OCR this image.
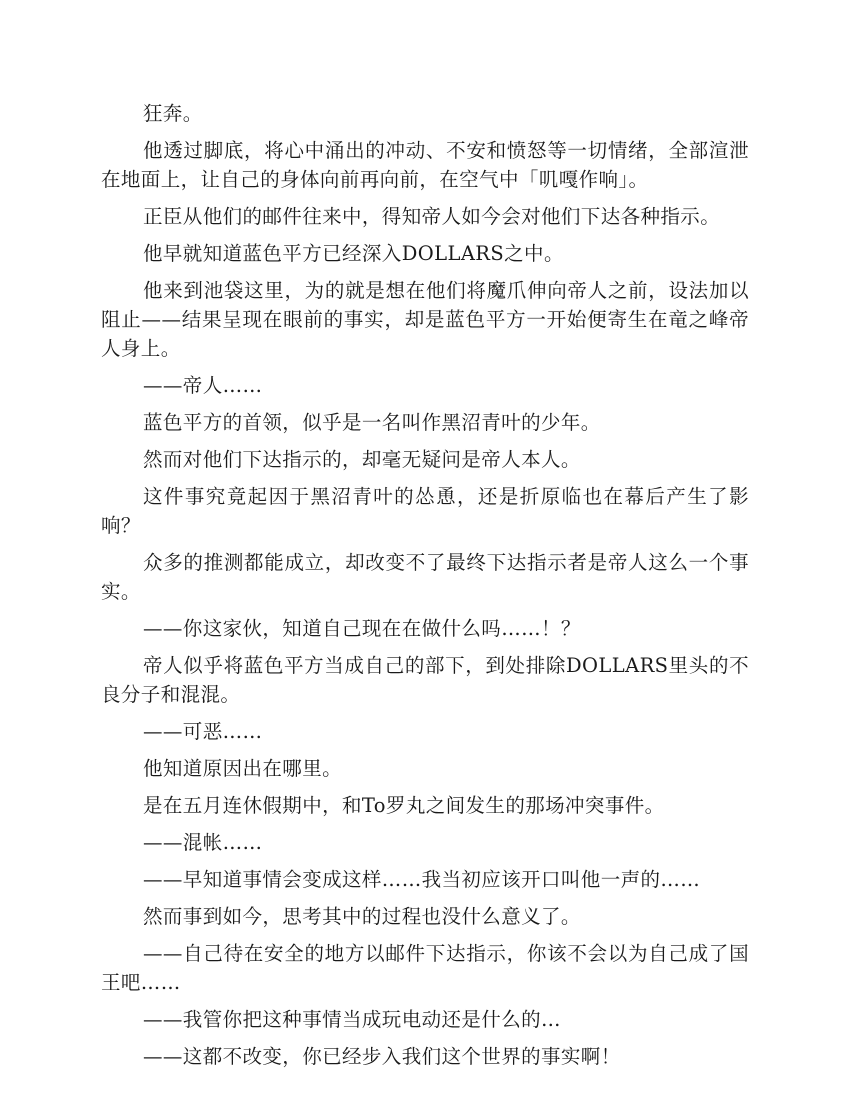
狂奔。

他透过脚底，将心中涌出的冲动、不安和愤怒等一切情绪，全部渲泄在地面上，让自己的身体向前再向前，在空气中「叽嘎作响」。

正臣从他们的邮件往来中，得知帝人如今会对他们下达各种指示。

他早就知道蓝色平方已经深入DOLLARS之中。

他来到池袋这里，为的就是想在他们将魔爪伸向帝人之前，设法加以阻止——结果呈现在眼前的事实，却是蓝色平方一开始便寄生在竜之峰帝人身上。

——帝人……

蓝色平方的首领，似乎是一名叫作黑沼青叶的少年。

然而对他们下达指示的，却毫无疑问是帝人本人。

这件事究竟起因于黑沼青叶的怂恿，还是折原临也在幕后产生了影响？

众多的推测都能成立，却改变不了最终下达指示者是帝人这么一个事实。

——你这家伙，知道自己现在在做什么吗……！？

帝人似乎将蓝色平方当成自己的部下，到处排除DOLLARS里头的不良分子和混混。

——可恶……

他知道原因出在哪里。

是在五月连休假期中，和To罗丸之间发生的那场冲突事件。

——混帐……

——早知道事情会变成这样……我当初应该开口叫他一声的……

然而事到如今，思考其中的过程也没什么意义了。

——自己待在安全的地方以邮件下达指示，你该不会以为自己成了国王吧……

——我管你把这种事情当成玩电动还是什么的…

——这都不改变，你已经步入我们这个世界的事实啊！
